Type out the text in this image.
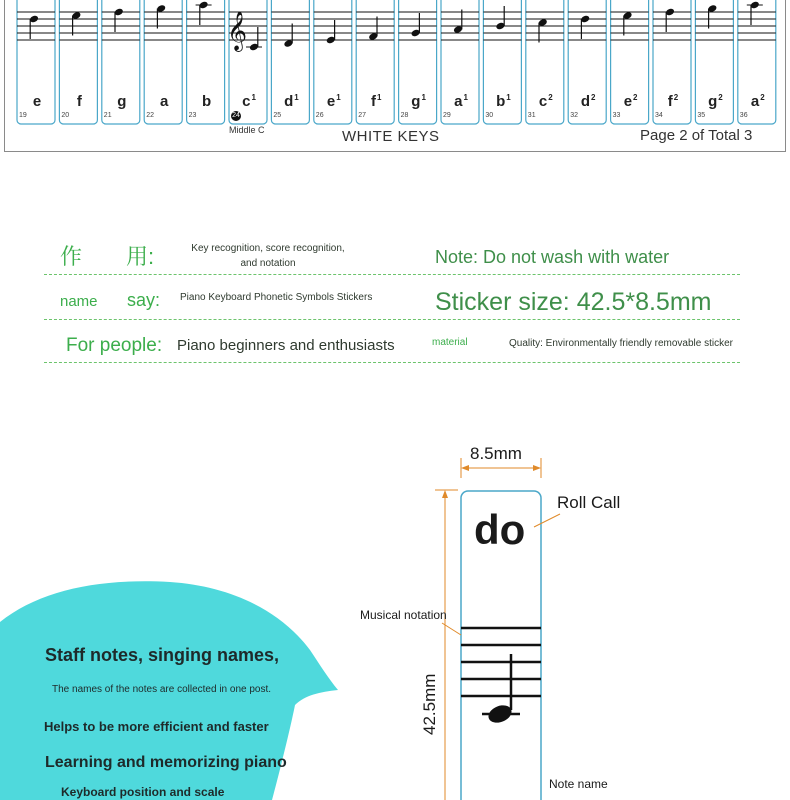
𝄞
e
19
f
20
g
21
a
22
b
23
$c^1$
24
$d^1$
25
$e^1$
26
$f^1$
27
$g^1$
28
$a^1$
29
$b^1$
30
$c^2$
31
$d^2$
32
$e^2$
33
$f^2$
34
$g^2$
35
$a^2$
36
Middle C	WHITE KEYS	Page 2 of Total 3
作　　用:	Key recognition, score recognition, and notation	Note: Do not wash with water
name say: Piano Keyboard Phonetic Symbols Stickers	Sticker size: 42.5*8.5mm
For people: Piano beginners and enthusiasts	material	Quality: Environmentally friendly removable sticker
Staff notes, singing names,
The names of the notes are collected in one post.
Helps to be more efficient and faster
Learning and memorizing piano
Keyboard position and scale
8.5mm
42.5mm
do
Roll Call
Musical notation
Note name
